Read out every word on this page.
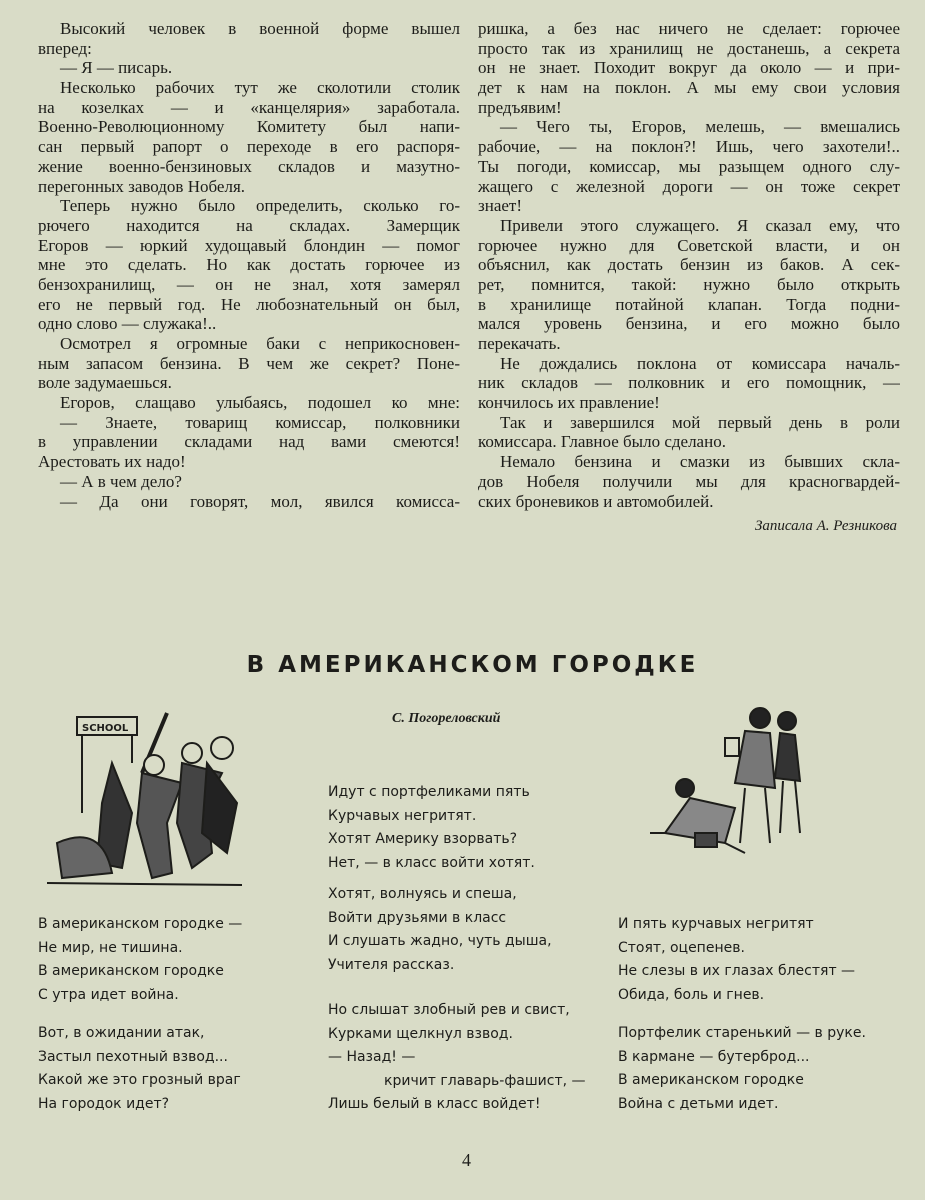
Высокий человек в военной форме вышел
вперед:
— Я — писарь.
Несколько рабочих тут же сколотили столик
на козелках — и «канцелярия» заработала.
Военно-Революционному Комитету был напи-
сан первый рапорт о переходе в его распоря-
жение военно-бензиновых складов и мазутно-
перегонных заводов Нобеля.
Теперь нужно было определить, сколько го-
рючего находится на складах. Замерщик
Егоров — юркий худощавый блондин — помог
мне это сделать. Но как достать горючее из
бензохранилищ, — он не знал, хотя замерял
его не первый год. Не любознательный он был,
одно слово — служака!..
Осмотрел я огромные баки с неприкосновен-
ным запасом бензина. В чем же секрет? Поне-
воле задумаешься.
Егоров, слащаво улыбаясь, подошел ко мне:
— Знаете, товарищ комиссар, полковники
в управлении складами над вами смеются!
Арестовать их надо!
— А в чем дело?
— Да они говорят, мол, явился комисса-
ришка, а без нас ничего не сделает: горючее
просто так из хранилищ не достанешь, а секрета
он не знает. Походит вокруг да около — и при-
дет к нам на поклон. А мы ему свои условия
предъявим!
— Чего ты, Егоров, мелешь, — вмешались
рабочие, — на поклон?! Ишь, чего захотели!..
Ты погоди, комиссар, мы разыщем одного слу-
жащего с железной дороги — он тоже секрет
знает!
Привели этого служащего. Я сказал ему, что
горючее нужно для Советской власти, и он
объяснил, как достать бензин из баков. А сек-
рет, помнится, такой: нужно было открыть
в хранилище потайной клапан. Тогда подни-
мался уровень бензина, и его можно было
перекачать.
Не дождались поклона от комиссара началь-
ник складов — полковник и его помощник, —
кончилось их правление!
Так и завершился мой первый день в роли
комиссара. Главное было сделано.
Немало бензина и смазки из бывших скла-
дов Нобеля получили мы для красногвардей-
ских броневиков и автомобилей.
Записала А. Резникова
В АМЕРИКАНСКОМ ГОРОДКЕ
С. Погореловский
SCHOOL
Идут с портфеликами пять
Курчавых негритят.
Хотят Америку взорвать?
Нет, — в класс войти хотят.
Хотят, волнуясь и спеша,
Войти друзьями в класс
И слушать жадно, чуть дыша,
Учителя рассказ.
Но слышат злобный рев и свист,
Курками щелкнул взвод.
— Назад! —
кричит главарь-фашист, —
Лишь белый в класс войдет!
В американском городке —
Не мир, не тишина.
В американском городке
С утра идет война.
Вот, в ожидании атак,
Застыл пехотный взвод...
Какой же это грозный враг
На городок идет?
И пять курчавых негритят
Стоят, оцепенев.
Не слезы в их глазах блестят —
Обида, боль и гнев.
Портфелик старенький — в руке.
В кармане — бутерброд...
В американском городке
Война с детьми идет.
4
